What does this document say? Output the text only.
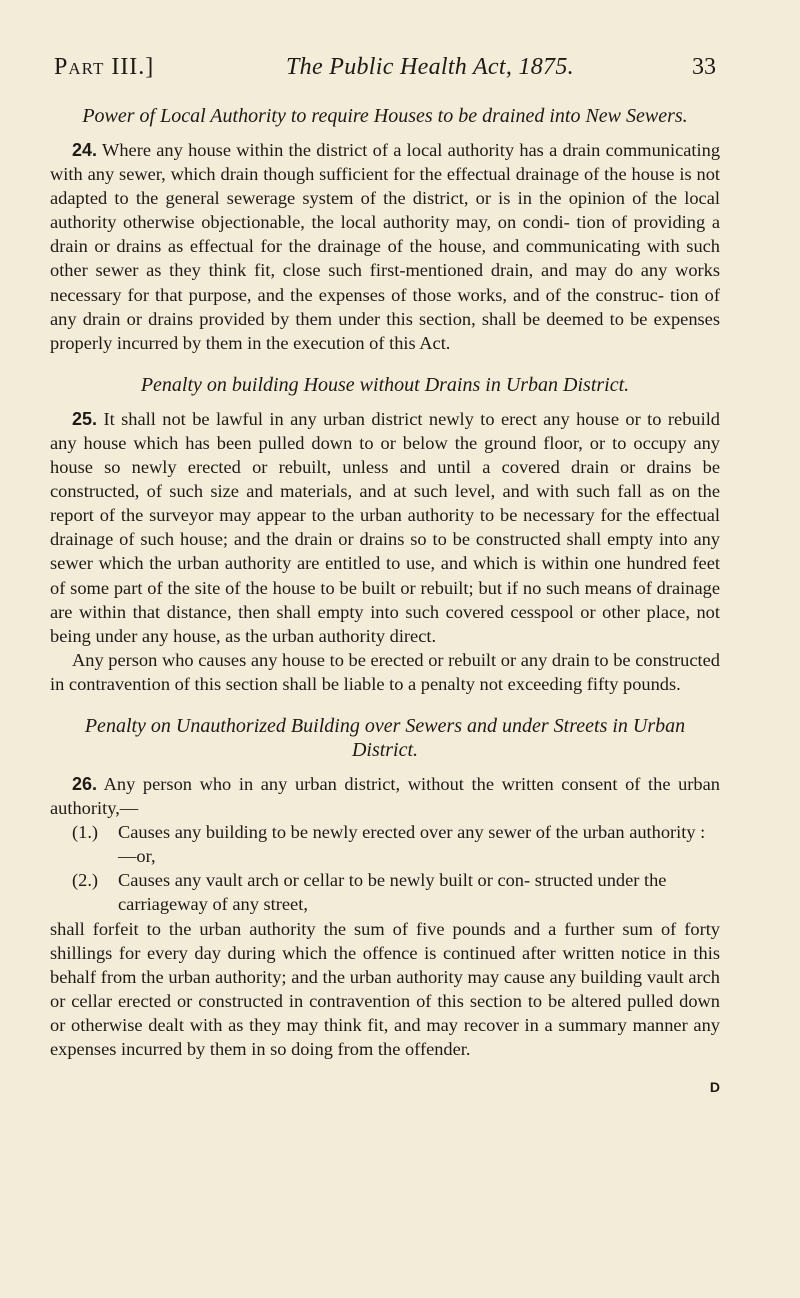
Part III.]	The Public Health Act, 1875.	33
Power of Local Authority to require Houses to be drained into New Sewers.

24. Where any house within the district of a local authority has a drain communicating with any sewer, which drain though sufficient for the effectual drainage of the house is not adapted to the general sewerage system of the district, or is in the opinion of the local authority otherwise objectionable, the local authority may, on condi- tion of providing a drain or drains as effectual for the drainage of the house, and communicating with such other sewer as they think fit, close such first-mentioned drain, and may do any works necessary for that purpose, and the expenses of those works, and of the construc- tion of any drain or drains provided by them under this section, shall be deemed to be expenses properly incurred by them in the execution of this Act.

Penalty on building House without Drains in Urban District.

25. It shall not be lawful in any urban district newly to erect any house or to rebuild any house which has been pulled down to or below the ground floor, or to occupy any house so newly erected or rebuilt, unless and until a covered drain or drains be constructed, of such size and materials, and at such level, and with such fall as on the report of the surveyor may appear to the urban authority to be necessary for the effectual drainage of such house; and the drain or drains so to be constructed shall empty into any sewer which the urban authority are entitled to use, and which is within one hundred feet of some part of the site of the house to be built or rebuilt; but if no such means of drainage are within that distance, then shall empty into such covered cesspool or other place, not being under any house, as the urban authority direct.

Any person who causes any house to be erected or rebuilt or any drain to be constructed in contravention of this section shall be liable to a penalty not exceeding fifty pounds.

Penalty on Unauthorized Building over Sewers and under Streets in Urban District.

26. Any person who in any urban district, without the written consent of the urban authority,—

(1.)	Causes any building to be newly erected over any sewer of the urban authority :—or,
(2.)	Causes any vault arch or cellar to be newly built or con- structed under the carriageway of any street,

shall forfeit to the urban authority the sum of five pounds and a further sum of forty shillings for every day during which the offence is continued after written notice in this behalf from the urban authority; and the urban authority may cause any building vault arch or cellar erected or constructed in contravention of this section to be altered pulled down or otherwise dealt with as they may think fit, and may recover in a summary manner any expenses incurred by them in so doing from the offender.

D
